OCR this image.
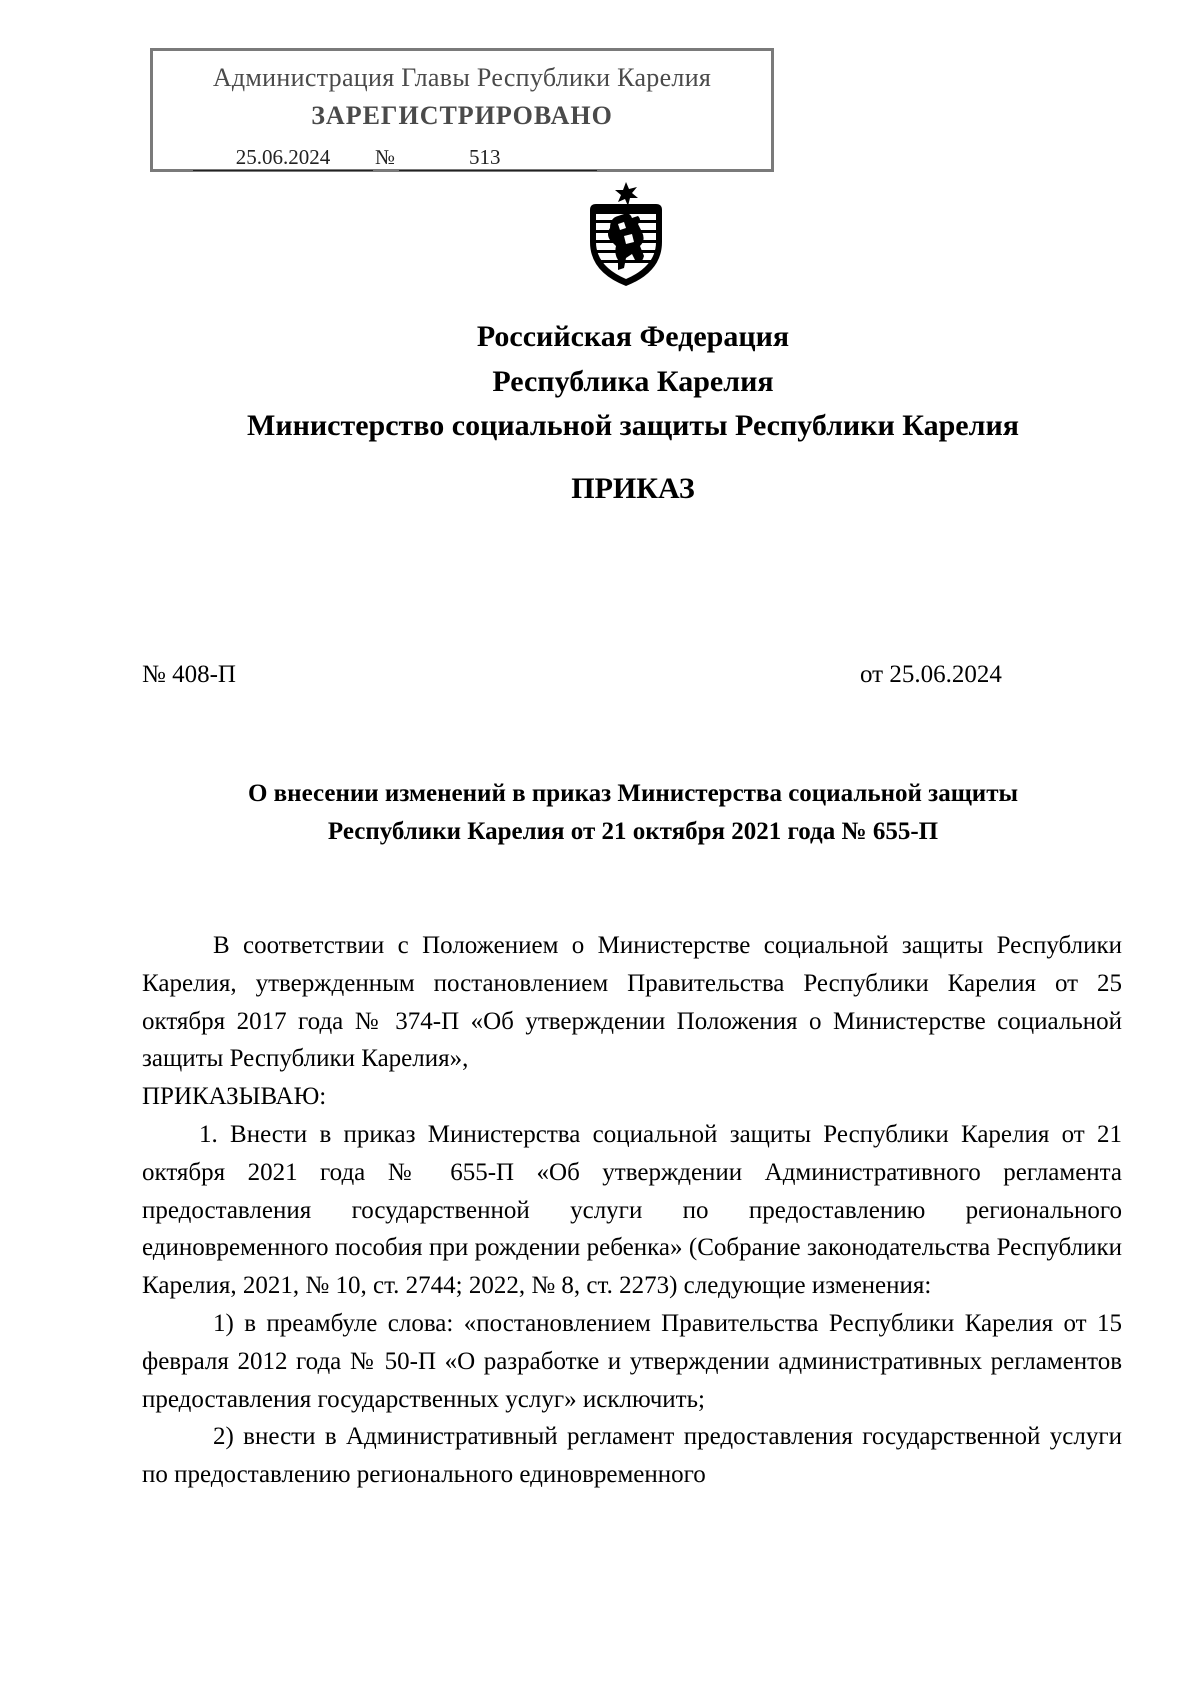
Администрация Главы Республики Карелия
ЗАРЕГИСТРИРОВАНО
25.06.2024 №	513
Российская Федерация
Республика Карелия
Министерство социальной защиты Республики Карелия
ПРИКАЗ
№ 408-П	от 25.06.2024
О внесении изменений в приказ Министерства социальной защиты
Республики Карелия от 21 октября 2021 года № 655-П

В соответствии с Положением о Министерстве социальной защиты Республики Карелия, утвержденным постановлением Правительства Республики Карелия от 25 октября 2017 года № 374-П «Об утверждении Положения о Министерстве социальной защиты Республики Карелия»,

ПРИКАЗЫВАЮ:

1. Внести в приказ Министерства социальной защиты Республики Карелия от 21 октября 2021 года № 655-П «Об утверждении Административного регламента предоставления государственной услуги по предоставлению регионального единовременного пособия при рождении ребенка» (Собрание законодательства Республики Карелия, 2021, № 10, ст. 2744; 2022, № 8, ст. 2273) следующие изменения:

1) в преамбуле слова: «постановлением Правительства Республики Карелия от 15 февраля 2012 года № 50-П «О разработке и утверждении административных регламентов предоставления государственных услуг» исключить;

2) внести в Административный регламент предоставления государственной услуги по предоставлению регионального единовременного
